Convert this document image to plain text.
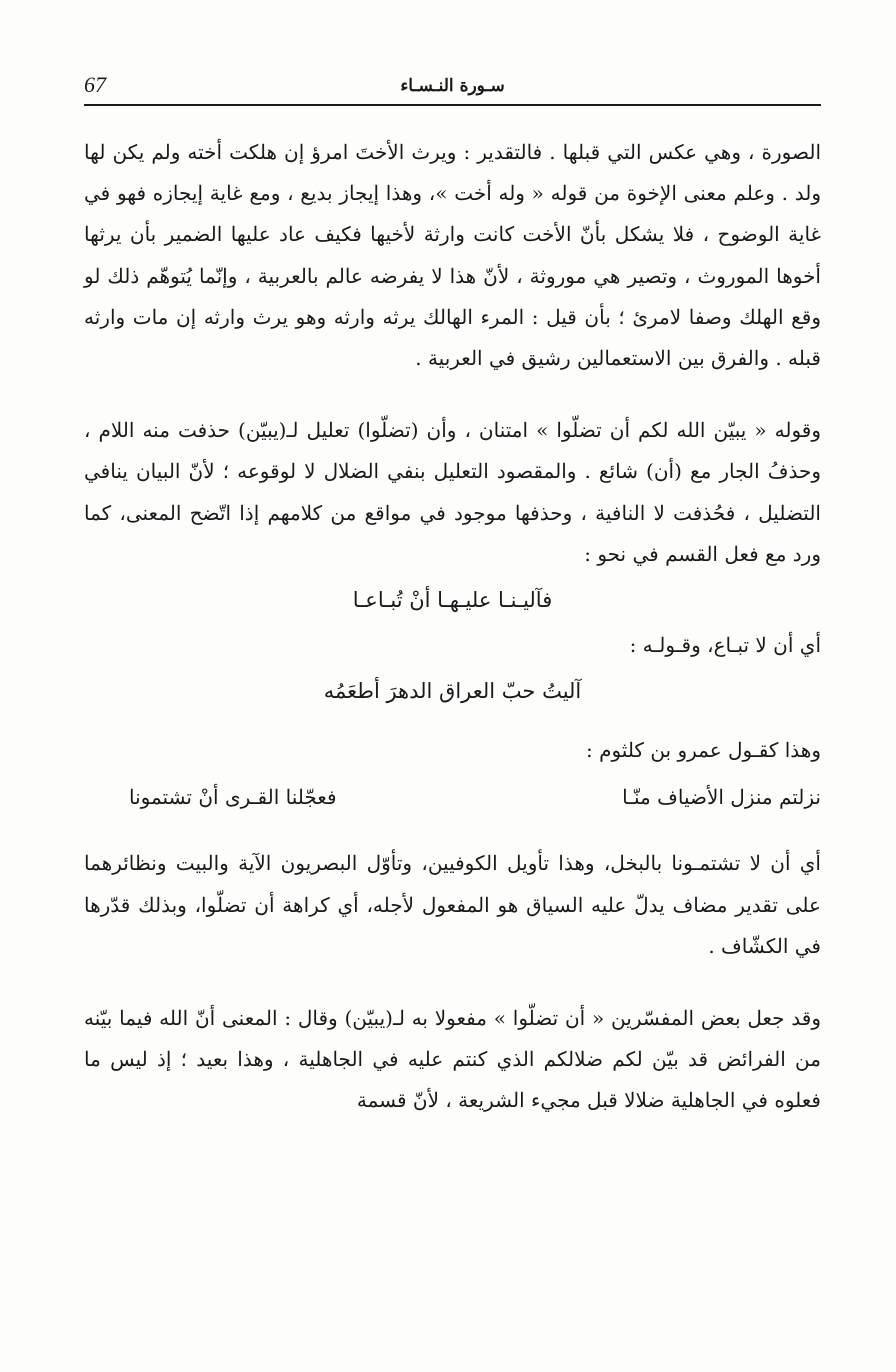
67	سـورة النـسـاء

الصورة ، وهي عكس التي قبلها . فالتقدير : ويرث الأختَ امرؤ إن هلكت أخته ولم يكن لها ولد . وعلم معنى الإخوة من قوله « وله أخت »، وهذا إيجاز بديع ، ومع غاية إيجازه فهو في غاية الوضوح ، فلا يشكل بأنّ الأخت كانت وارثة لأخيها فكيف عاد عليها الضمير بأن يرثها أخوها الموروث ، وتصير هي موروثة ، لأنّ هذا لا يفرضه عالم بالعربية ، وإنّما يُتوهّم ذلك لو وقع الهلك وصفا لامرئ ؛ بأن قيل : المرء الهالك يرثه وارثه وهو يرث وارثه إن مات وارثه قبله . والفرق بين الاستعمالين رشيق في العربية .

وقوله « يبيّن الله لكم أن تضلّوا » امتنان ، وأن (تضلّوا) تعليل لـ(يبيّن) حذفت منه اللام ، وحذفُ الجار مع (أن) شائع . والمقصود التعليل بنفي الضلال لا لوقوعه ؛ لأنّ البيان ينافي التضليل ، فحُذفت لا النافية ، وحذفها موجود في مواقع من كلامهم إذا اتّضح المعنى، كما ورد مع فعل القسم في نحو :

فآليـنـا عليـهـا أنْ تُبـاعـا

أي أن لا تبـاع، وقـولـه :

آليتُ حبّ العراق الدهرَ أطعَمُه

وهذا كقـول عمرو بن كلثوم :

نزلتم منزل الأضياف منّـا
فعجّلنا القـرى أنْ تشتمونا

أي أن لا تشتمـونا بالبخل، وهذا تأويل الكوفيين، وتأوّل البصريون الآية والبيت ونظائرهما على تقدير مضاف يدلّ عليه السياق هو المفعول لأجله، أي كراهة أن تضلّوا، وبذلك قدّرها في الكشّاف .

وقد جعل بعض المفسّرين « أن تضلّوا » مفعولا به لـ(يبيّن) وقال : المعنى أنّ الله فيما بيّنه من الفرائض قد بيّن لكم ضلالكم الذي كنتم عليه في الجاهلية ، وهذا بعيد ؛ إذ ليس ما فعلوه في الجاهلية ضلالا قبل مجيء الشريعة ، لأنّ قسمة
